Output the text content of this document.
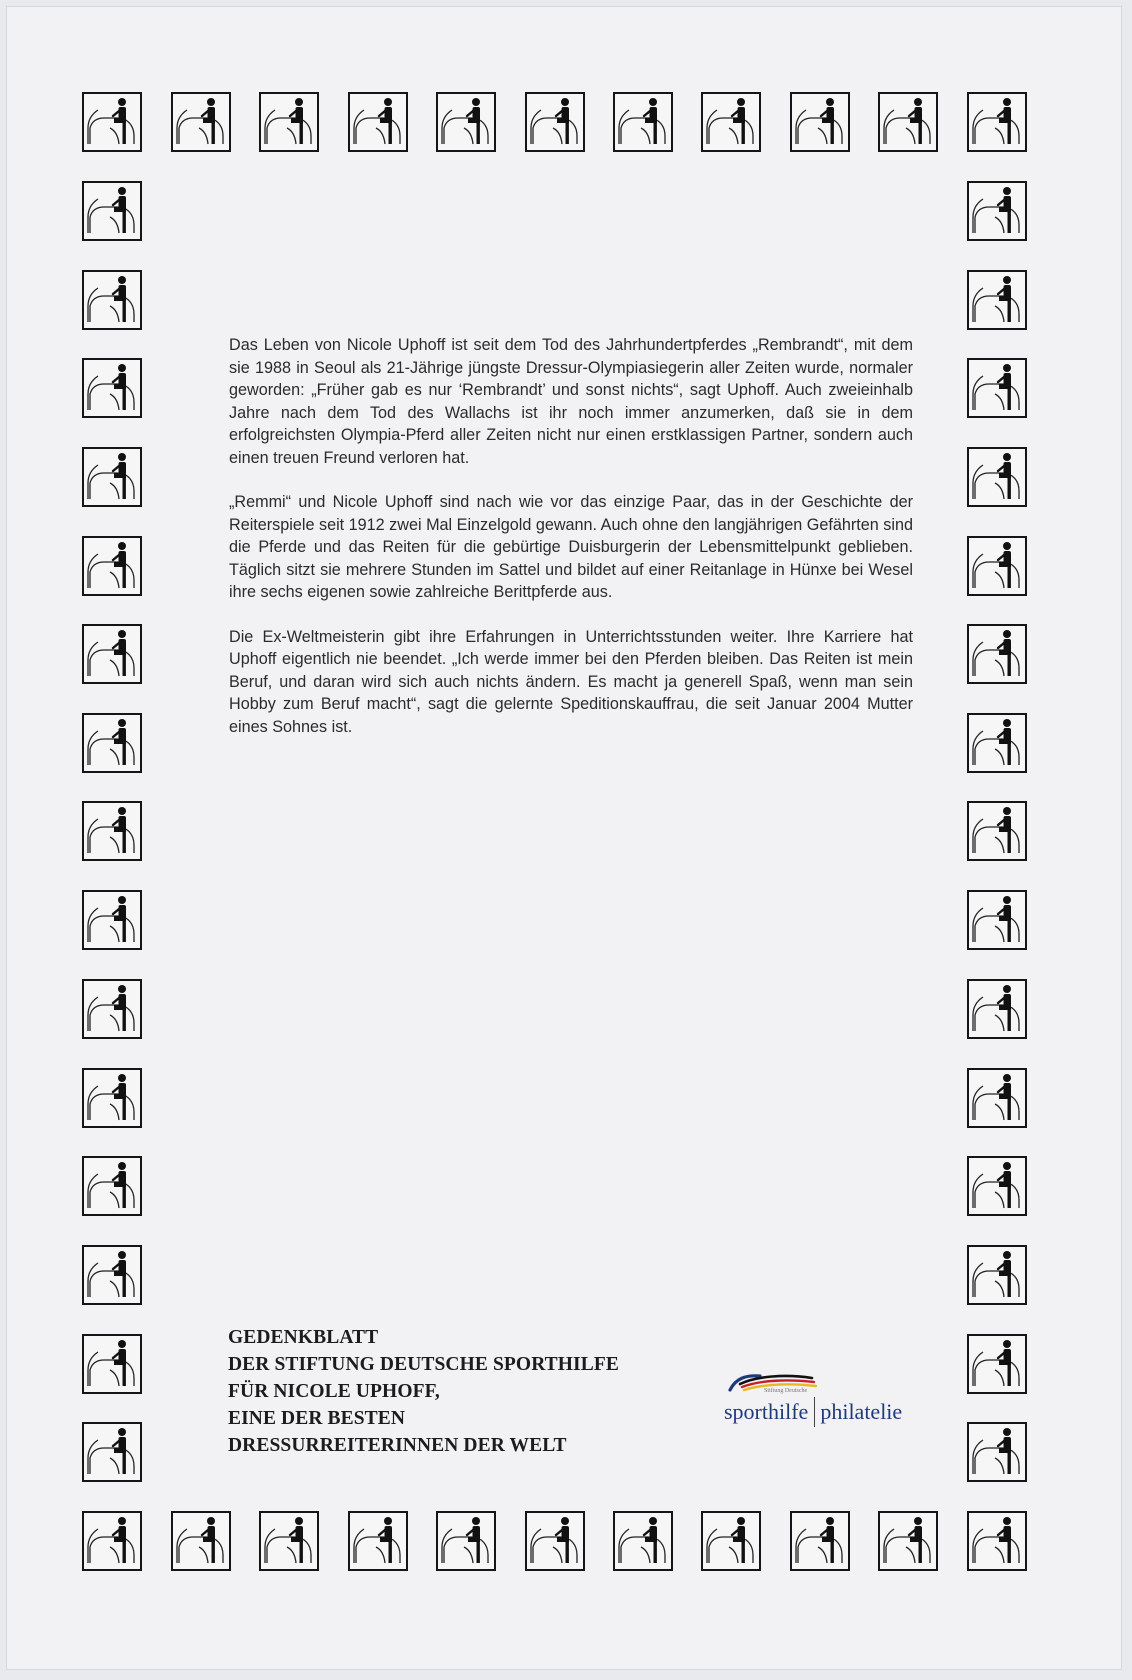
Das Leben von Nicole Uphoff ist seit dem Tod des Jahrhundertpferdes „Rembrandt“, mit dem sie 1988 in Seoul als 21-Jährige jüngste Dressur-Olympiasiegerin aller Zeiten wurde, normaler geworden: „Früher gab es nur ‘Rembrandt’ und sonst nichts“, sagt Uphoff. Auch zweieinhalb Jahre nach dem Tod des Wallachs ist ihr noch immer anzumerken, daß sie in dem erfolgreichsten Olympia-Pferd aller Zeiten nicht nur einen erstklassigen Partner, sondern auch einen treuen Freund verloren hat.

„Remmi“ und Nicole Uphoff sind nach wie vor das einzige Paar, das in der Geschichte der Reiterspiele seit 1912 zwei Mal Einzelgold gewann. Auch ohne den langjährigen Gefährten sind die Pferde und das Reiten für die gebürtige Duisburgerin der Lebensmittelpunkt geblieben. Täglich sitzt sie mehrere Stunden im Sattel und bildet auf einer Reitanlage in Hünxe bei Wesel ihre sechs eigenen sowie zahlreiche Berittpferde aus.

Die Ex-Weltmeisterin gibt ihre Erfahrungen in Unterrichtsstunden weiter. Ihre Karriere hat Uphoff eigentlich nie beendet. „Ich werde immer bei den Pferden bleiben. Das Reiten ist mein Beruf, und daran wird sich auch nichts ändern. Es macht ja generell Spaß, wenn man sein Hobby zum Beruf macht“, sagt die gelernte Speditionskauffrau, die seit Januar 2004 Mutter eines Sohnes ist.

GEDENKBLATT
DER STIFTUNG DEUTSCHE SPORTHILFE
FÜR NICOLE UPHOFF,
EINE DER BESTEN
DRESSURREITERINNEN DER WELT
Stiftung Deutsche
sporthilfe philatelie
